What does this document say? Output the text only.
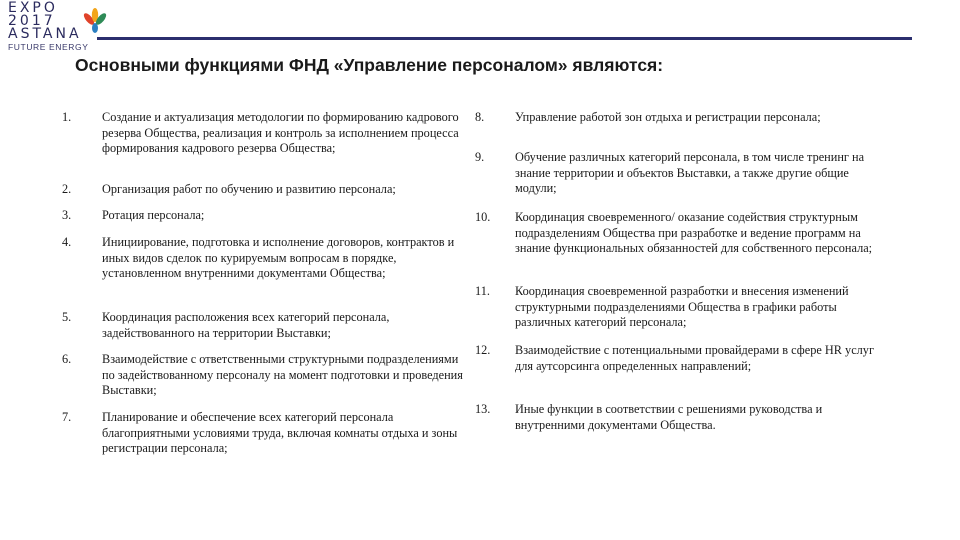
EXPO
2017
ASTANA
FUTURE ENERGY
Основными функциями ФНД «Управление персоналом» являются:
1.	Создание и актуализация методологии по формированию кадрового резерва Общества, реализация и контроль за исполнением процесса формирования кадрового резерва Общества;
2.	Организация работ по обучению и развитию персонала;
3.	Ротация персонала;
4.	Инициирование, подготовка и исполнение договоров, контрактов и иных видов сделок по курируемым вопросам в порядке, установленном внутренними документами Общества;
5.	Координация расположения всех категорий персонала, задействованного на территории Выставки;
6.	Взаимодействие с ответственными структурными подразделениями по задействованному персоналу на момент подготовки и проведения Выставки;
7.	Планирование и обеспечение всех категорий персонала благоприятными условиями труда, включая комнаты отдыха и зоны регистрации персонала;
8.	Управление работой зон отдыха и регистрации персонала;
9.	Обучение различных категорий персонала, в том числе тренинг на знание территории и объектов Выставки, а также другие общие модули;
10. Координация своевременного/ оказание содействия структурным подразделениям Общества при разработке и ведение программ на знание функциональных обязанностей для собственного персонала;
11. Координация своевременной разработки и внесения изменений структурными подразделениями Общества в графики работы различных категорий персонала;
12. Взаимодействие с потенциальными провайдерами в сфере HR услуг для аутсорсинга определенных направлений;
13. Иные функции в соответствии с решениями руководства и внутренними документами Общества.
